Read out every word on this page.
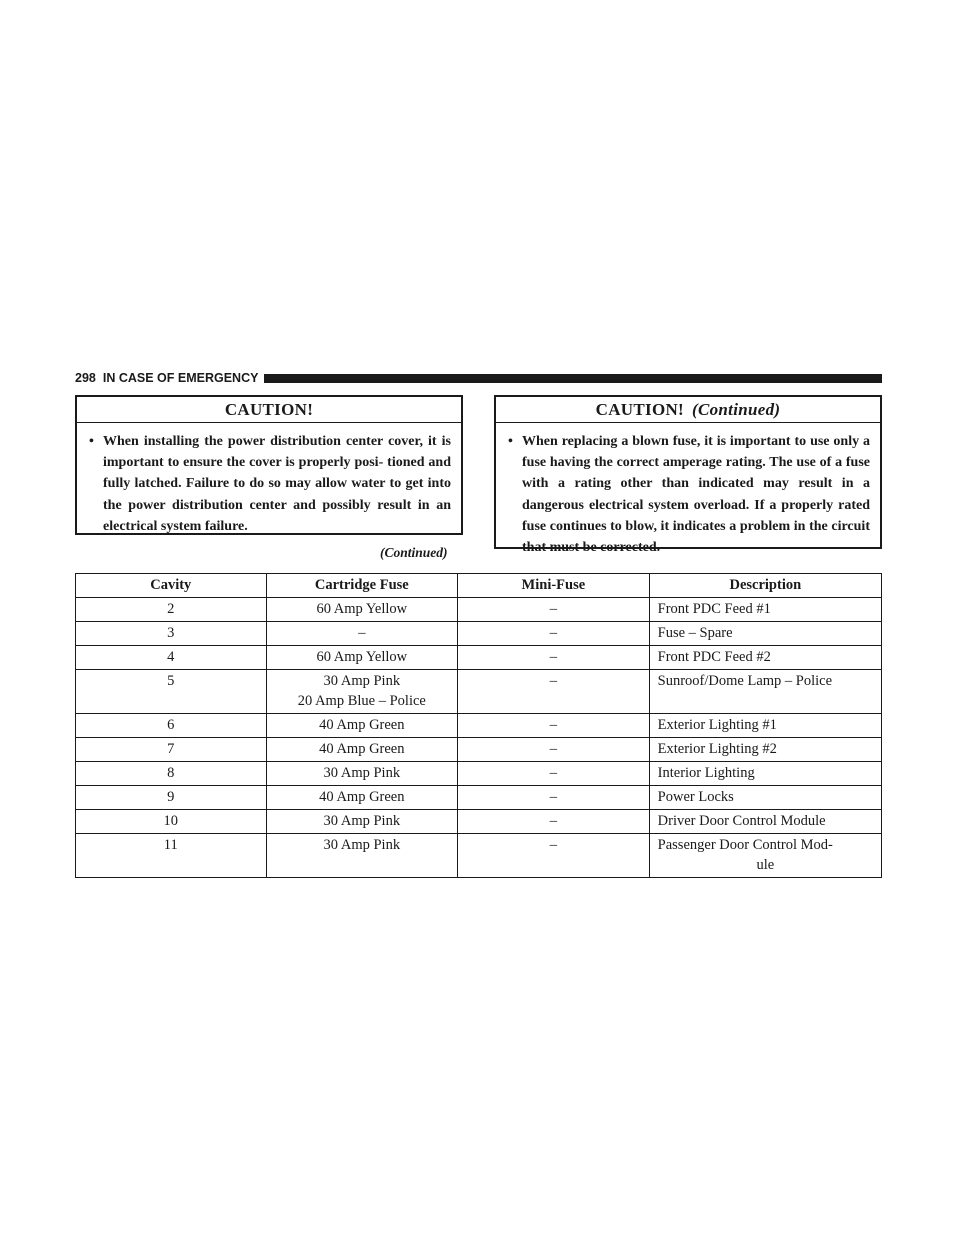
298 IN CASE OF EMERGENCY
CAUTION!
• When installing the power distribution center cover, it is important to ensure the cover is properly posi- tioned and fully latched. Failure to do so may allow water to get into the power distribution center and possibly result in an electrical system failure.
(Continued)
CAUTION! (Continued)
• When replacing a blown fuse, it is important to use only a fuse having the correct amperage rating. The use of a fuse with a rating other than indicated may result in a dangerous electrical system overload. If a properly rated fuse continues to blow, it indicates a problem in the circuit that must be corrected.
Cavity	Cartridge Fuse	Mini-Fuse	Description

2	60 Amp Yellow	–	Front PDC Feed #1

3	–	–	Fuse – Spare

4	60 Amp Yellow	–	Front PDC Feed #2

5	30 Amp Pink
20 Amp Blue – Police	–	Sunroof/Dome Lamp – Police

6	40 Amp Green	–	Exterior Lighting #1

7	40 Amp Green	–	Exterior Lighting #2

8	30 Amp Pink	–	Interior Lighting

9	40 Amp Green	–	Power Locks

10	30 Amp Pink	–	Driver Door Control Module

11	30 Amp Pink	–	Passenger Door Control Mod-
ule
